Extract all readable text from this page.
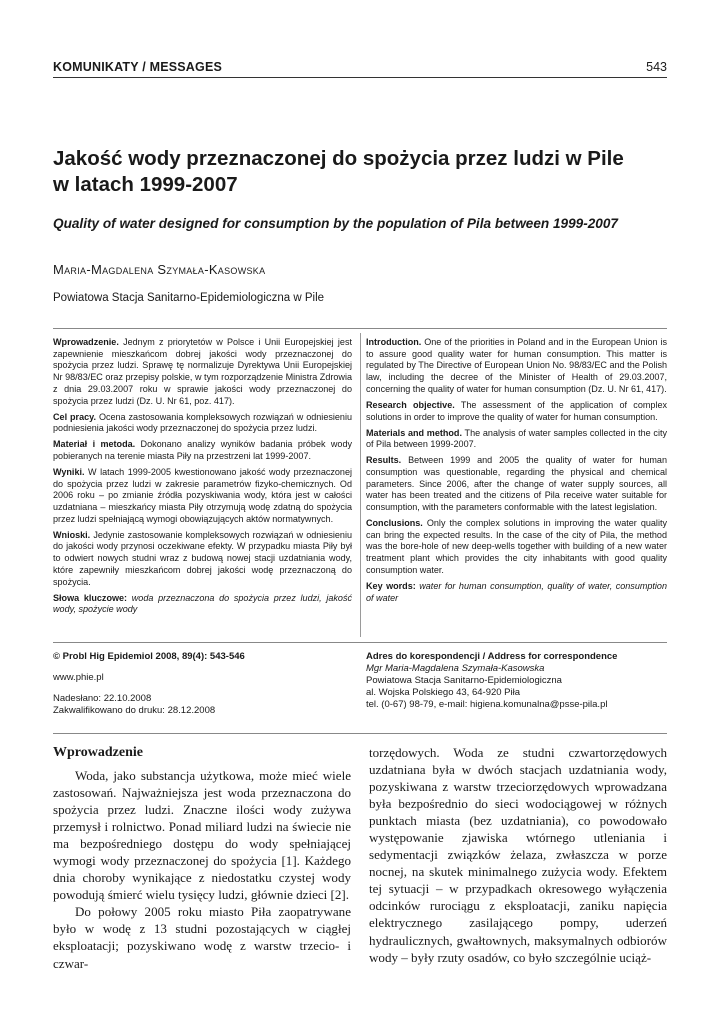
KOMUNIKATY / MESSAGES	543
Jakość wody przeznaczonej do spożycia przez ludzi w Pile
w latach 1999-2007
Quality of water designed for consumption by the population of Pila between 1999-2007
Maria-Magdalena Szymała-Kasowska
Powiatowa Stacja Sanitarno-Epidemiologiczna w Pile

Wprowadzenie. Jednym z priorytetów w Polsce i Unii Europejskiej jest zapewnienie mieszkańcom dobrej jakości wody przeznaczonej do spożycia przez ludzi. Sprawę tę normalizuje Dyrektywa Unii Europejskiej Nr 98/83/EC oraz przepisy polskie, w tym rozporządzenie Ministra Zdrowia z dnia 29.03.2007 roku w sprawie jakości wody przeznaczonej do spożycia przez ludzi (Dz. U. Nr 61, poz. 417).

Cel pracy. Ocena zastosowania kompleksowych rozwiązań w odniesieniu podniesienia jakości wody przeznaczonej do spożycia przez ludzi.

Materiał i metoda. Dokonano analizy wyników badania próbek wody pobieranych na terenie miasta Piły na przestrzeni lat 1999-2007.

Wyniki. W latach 1999-2005 kwestionowano jakość wody przeznaczonej do spożycia przez ludzi w zakresie parametrów fizyko-chemicznych. Od 2006 roku – po zmianie źródła pozyskiwania wody, która jest w całości uzdatniana – mieszkańcy miasta Piły otrzymują wodę zdatną do spożycia przez ludzi spełniającą wymogi obowiązujących aktów normatywnych.

Wnioski. Jedynie zastosowanie kompleksowych rozwiązań w odniesieniu do jakości wody przynosi oczekiwane efekty. W przypadku miasta Piły był to odwiert nowych studni wraz z budową nowej stacji uzdatniania wody, które zapewniły mieszkańcom dobrej jakości wodę przeznaczoną do spożycia.

Słowa kluczowe: woda przeznaczona do spożycia przez ludzi, jakość wody, spożycie wody

Introduction. One of the priorities in Poland and in the European Union is to assure good quality water for human consumption. This matter is regulated by The Directive of European Union No. 98/83/EC and the Polish law, including the decree of the Minister of Health of 29.03.2007, concerning the quality of water for human consumption (Dz. U. Nr 61, 417).

Research objective. The assessment of the application of complex solutions in order to improve the quality of water for human consumption.

Materials and method. The analysis of water samples collected in the city of Pila between 1999-2007.

Results. Between 1999 and 2005 the quality of water for human consumption was questionable, regarding the physical and chemical parameters. Since 2006, after the change of water supply sources, all water has been treated and the citizens of Pila receive water suitable for consumption, with the parameters conformable with the latest legislation.

Conclusions. Only the complex solutions in improving the water quality can bring the expected results. In the case of the city of Pila, the method was the bore-hole of new deep-wells together with building of a new water treatment plant which provides the city inhabitants with good quality consumption water.

Key words: water for human consumption, quality of water, consumption of water

© Probl Hig Epidemiol 2008, 89(4): 543-546

www.phie.pl

Nadesłano: 22.10.2008

Zakwalifikowano do druku: 28.12.2008

Adres do korespondencji / Address for correspondence

Mgr Maria-Magdalena Szymała-Kasowska

Powiatowa Stacja Sanitarno-Epidemiologiczna

al. Wojska Polskiego 43, 64-920 Piła

tel. (0-67) 98-79, e-mail: higiena.komunalna@psse-pila.pl

Wprowadzenie

Woda, jako substancja użytkowa, może mieć wiele zastosowań. Najważniejsza jest woda przeznaczona do spożycia przez ludzi. Znaczne ilości wody zużywa przemysł i rolnictwo. Ponad miliard ludzi na świecie nie ma bezpośredniego dostępu do wody spełniającej wymogi wody przeznaczonej do spożycia [1]. Każdego dnia choroby wynikające z niedostatku czystej wody powodują śmierć wielu tysięcy ludzi, głównie dzieci [2].

Do połowy 2005 roku miasto Piła zaopatrywane było w wodę z 13 studni pozostających w ciągłej eksploatacji; pozyskiwano wodę z warstw trzecio- i czwar-

torzędowych. Woda ze studni czwartorzędowych uzdatniana była w dwóch stacjach uzdatniania wody, pozyskiwana z warstw trzeciorzędowych wprowadzana była bezpośrednio do sieci wodociągowej w różnych punktach miasta (bez uzdatniania), co powodowało występowanie zjawiska wtórnego utleniania i sedymentacji związków żelaza, zwłaszcza w porze nocnej, na skutek minimalnego zużycia wody. Efektem tej sytuacji – w przypadkach okresowego wyłączenia odcinków rurociągu z eksploatacji, zaniku napięcia elektrycznego zasilającego pompy, uderzeń hydraulicznych, gwałtownych, maksymalnych odbiorów wody – były rzuty osadów, co było szczególnie uciąż-
